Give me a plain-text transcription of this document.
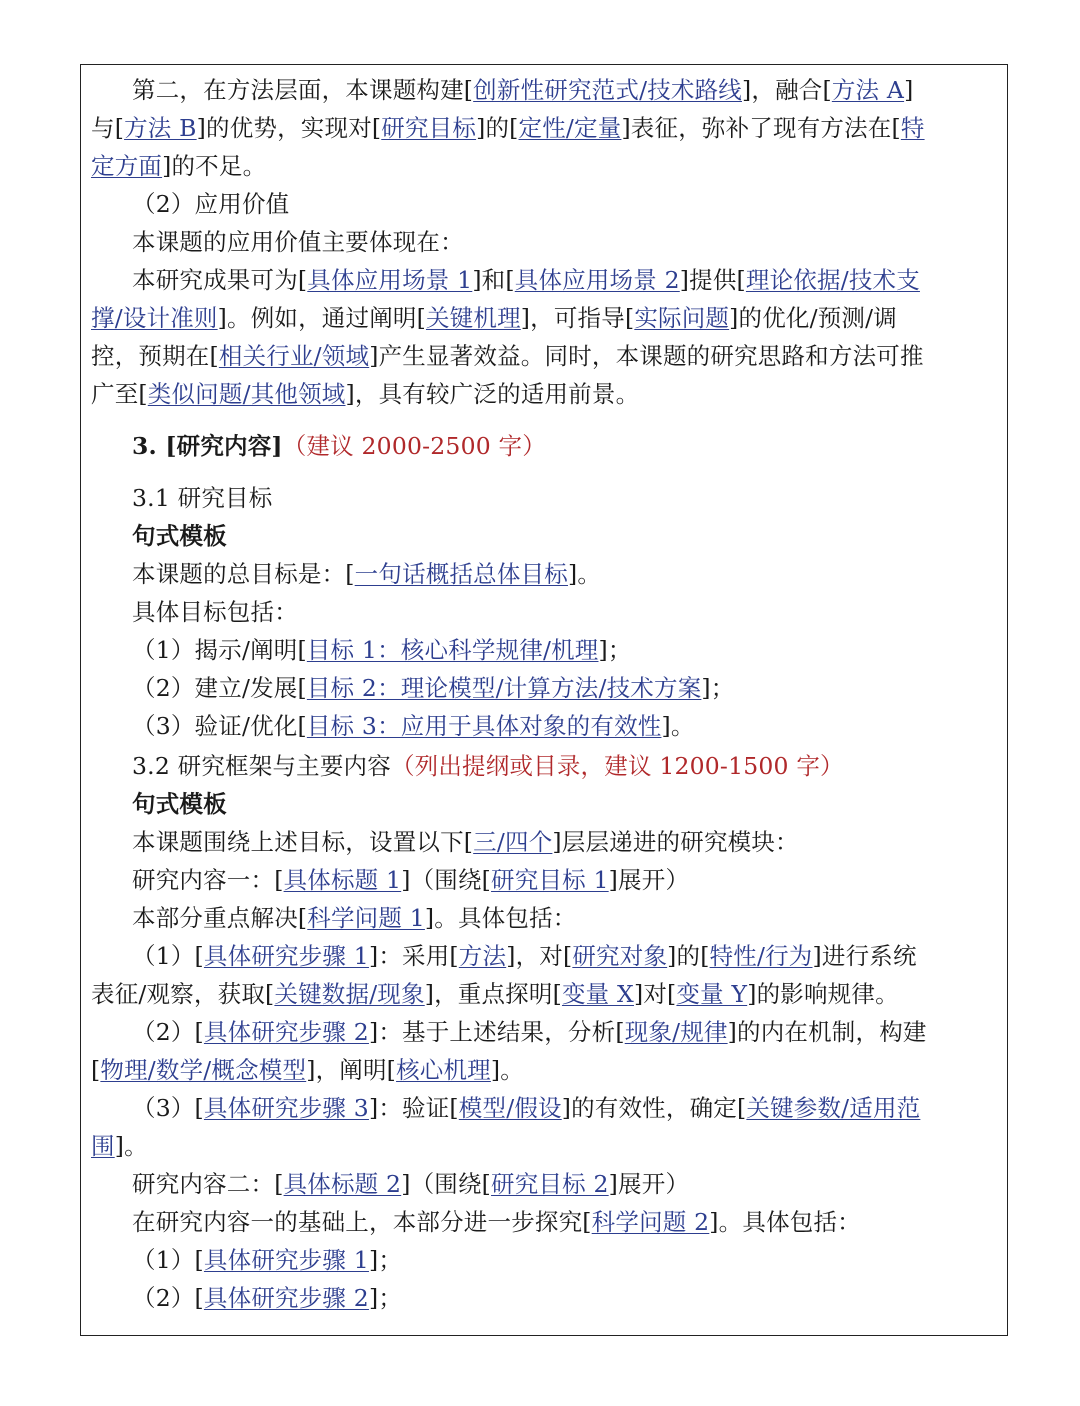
第二，在方法层面，本课题构建[创新性研究范式/技术路线]，融合[方法 A]
与[方法 B]的优势，实现对[研究目标]的[定性/定量]表征，弥补了现有方法在[特
定方面]的不足。
（2）应用价值
本课题的应用价值主要体现在：
本研究成果可为[具体应用场景 1]和[具体应用场景 2]提供[理论依据/技术支
撑/设计准则]。例如，通过阐明[关键机理]，可指导[实际问题]的优化/预测/调
控，预期在[相关行业/领域]产生显著效益。同时，本课题的研究思路和方法可推
广至[类似问题/其他领域]，具有较广泛的适用前景。
3. [研究内容]（建议 2000-2500 字）
3.1 研究目标
句式模板
本课题的总目标是：[一句话概括总体目标]。
具体目标包括：
（1）揭示/阐明[目标 1：核心科学规律/机理]；
（2）建立/发展[目标 2：理论模型/计算方法/技术方案]；
（3）验证/优化[目标 3：应用于具体对象的有效性]。
3.2 研究框架与主要内容（列出提纲或目录，建议 1200-1500 字）
句式模板
本课题围绕上述目标，设置以下[三/四个]层层递进的研究模块：
研究内容一：[具体标题 1]（围绕[研究目标 1]展开）
本部分重点解决[科学问题 1]。具体包括：
（1）[具体研究步骤 1]：采用[方法]，对[研究对象]的[特性/行为]进行系统
表征/观察，获取[关键数据/现象]，重点探明[变量 X]对[变量 Y]的影响规律。
（2）[具体研究步骤 2]：基于上述结果，分析[现象/规律]的内在机制，构建
[物理/数学/概念模型]，阐明[核心机理]。
（3）[具体研究步骤 3]：验证[模型/假设]的有效性，确定[关键参数/适用范
围]。
研究内容二：[具体标题 2]（围绕[研究目标 2]展开）
在研究内容一的基础上，本部分进一步探究[科学问题 2]。具体包括：
（1）[具体研究步骤 1]；
（2）[具体研究步骤 2]；
